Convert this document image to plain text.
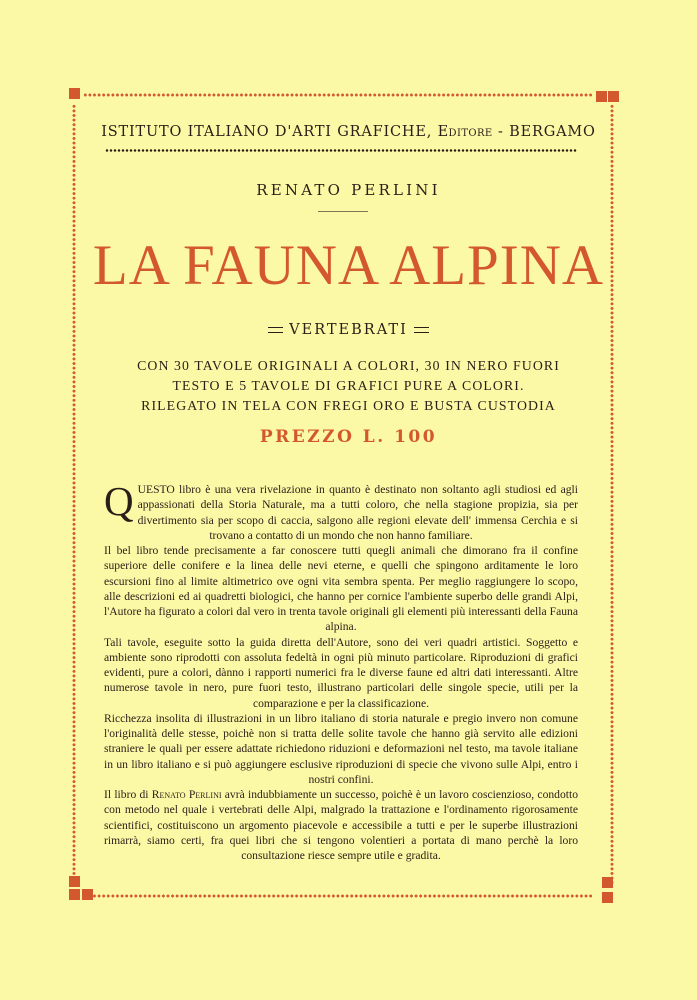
ISTITUTO ITALIANO D'ARTI GRAFICHE, Editore - BERGAMO
RENATO PERLINI
LA FAUNA ALPINA
VERTEBRATI
CON 30 TAVOLE ORIGINALI A COLORI, 30 IN NERO FUORI
TESTO E 5 TAVOLE DI GRAFICI PURE A COLORI.
RILEGATO IN TELA CON FREGI ORO E BUSTA CUSTODIA
PREZZO L. 100

QUESTO libro è una vera rivelazione in quanto è destinato non soltanto agli studiosi ed agli appassionati della Storia Naturale, ma a tutti coloro, che nella stagione propizia, sia per divertimento sia per scopo di caccia, salgono alle regioni elevate dell' immensa Cerchia e si trovano a contatto di un mondo che non hanno familiare.

Il bel libro tende precisamente a far conoscere tutti quegli animali che dimorano fra il confine superiore delle conifere e la linea delle nevi eterne, e quelli che spingono arditamente le loro escursioni fino al limite altimetrico ove ogni vita sembra spenta. Per meglio raggiungere lo scopo, alle descrizioni ed ai quadretti biologici, che hanno per cornice l'ambiente superbo delle grandi Alpi, l'Autore ha figurato a colori dal vero in trenta tavole originali gli elementi più interessanti della Fauna alpina.

Tali tavole, eseguite sotto la guida diretta dell'Autore, sono dei veri quadri artistici. Soggetto e ambiente sono riprodotti con assoluta fedeltà in ogni più minuto particolare. Riproduzioni di grafici evidenti, pure a colori, dànno i rapporti numerici fra le diverse faune ed altri dati interessanti. Altre numerose tavole in nero, pure fuori testo, illustrano particolari delle singole specie, utili per la comparazione e per la classificazione.

Ricchezza insolita di illustrazioni in un libro italiano di storia naturale e pregio invero non comune l'originalità delle stesse, poichè non si tratta delle solite tavole che hanno già servito alle edizioni straniere le quali per essere adattate richiedono riduzioni e deformazioni nel testo, ma tavole italiane in un libro italiano e si può aggiungere esclusive riproduzioni di specie che vivono sulle Alpi, entro i nostri confini.

Il libro di Renato Perlini avrà indubbiamente un successo, poichè è un lavoro coscienzioso, condotto con metodo nel quale i vertebrati delle Alpi, malgrado la trattazione e l'ordinamento rigorosamente scientifici, costituiscono un argomento piacevole e accessibile a tutti e per le superbe illustrazioni rimarrà, siamo certi, fra quei libri che si tengono volentieri a portata di mano perchè la loro consultazione riesce sempre utile e gradita.
